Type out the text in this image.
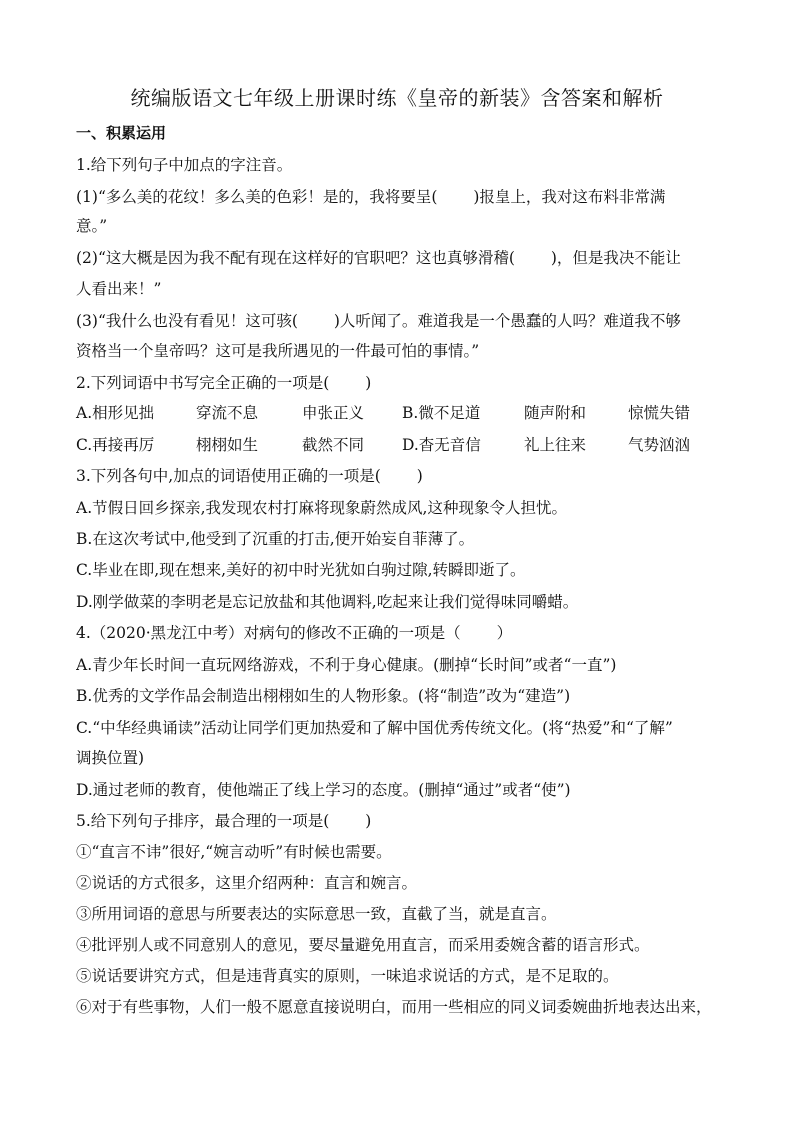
统编版语文七年级上册课时练《皇帝的新装》含答案和解析
一、积累运用
1.给下列句子中加点的字注音。
(1)“多么美的花纹！多么美的色彩！是的，我将要呈(　　 )报皇上，我对这布料非常满
意。”
(2)“这大概是因为我不配有现在这样好的官职吧？这也真够滑稽(　　 )，但是我决不能让
人看出来！”
(3)“我什么也没有看见！这可骇(　　 )人听闻了。难道我是一个愚蠢的人吗？难道我不够
资格当一个皇帝吗？这可是我所遇见的一件最可怕的事情。”
2.下列词语中书写完全正确的一项是(　　 )
A.相形见拙	穿流不息	申张正义 B.微不足道	随声附和	惊慌失错
C.再接再厉	栩栩如生	截然不同 D.杳无音信	礼上往来	气势汹汹
3.下列各句中,加点的词语使用正确的一项是(　　 )
A.节假日回乡探亲,我发现农村打麻将现象蔚然成风,这种现象令人担忧。
B.在这次考试中,他受到了沉重的打击,便开始妄自菲薄了。
C.毕业在即,现在想来,美好的初中时光犹如白驹过隙,转瞬即逝了。
D.刚学做菜的李明老是忘记放盐和其他调料,吃起来让我们觉得味同嚼蜡。
4.（2020·黑龙江中考）对病句的修改不正确的一项是（　　 ）
A.青少年长时间一直玩网络游戏，不利于身心健康。(删掉“长时间”或者“一直”)
B.优秀的文学作品会制造出栩栩如生的人物形象。(将“制造”改为“建造”)
C.“中华经典诵读”活动让同学们更加热爱和了解中国优秀传统文化。(将“热爱”和“了解”
调换位置)
D.通过老师的教育，使他端正了线上学习的态度。(删掉“通过”或者“使”)
5.给下列句子排序，最合理的一项是(　　 )
①“直言不讳”很好,“婉言动听”有时候也需要。
②说话的方式很多，这里介绍两种：直言和婉言。
③所用词语的意思与所要表达的实际意思一致，直截了当，就是直言。
④批评别人或不同意别人的意见，要尽量避免用直言，而采用委婉含蓄的语言形式。
⑤说话要讲究方式，但是违背真实的原则，一味追求说话的方式，是不足取的。
⑥对于有些事物，人们一般不愿意直接说明白，而用一些相应的同义词委婉曲折地表达出来，
